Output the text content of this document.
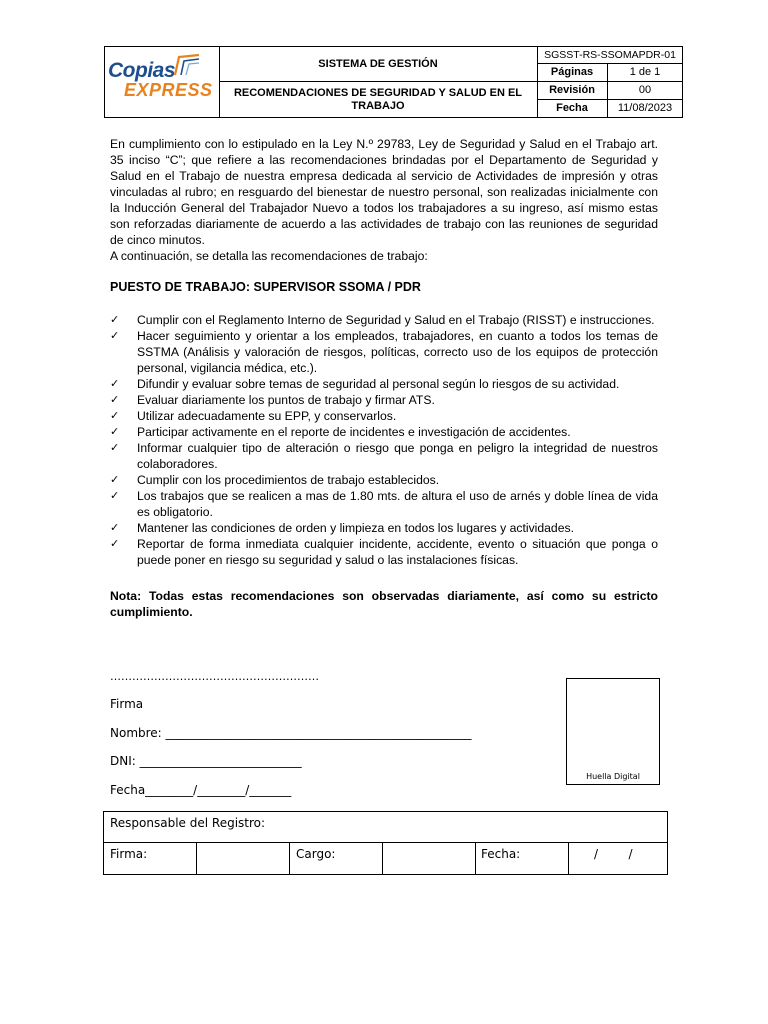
Copias
EXPRESS
SISTEMA DE GESTIÓN
RECOMENDACIONES DE SEGURIDAD Y SALUD EN EL TRABAJO
SGSST-RS-SSOMAPDR-01
Páginas	1 de 1
Revisión	00
Fecha	11/08/2023
En cumplimiento con lo estipulado en la Ley N.º 29783, Ley de Seguridad y Salud en el Trabajo art. 35 inciso “C”; que refiere a las recomendaciones brindadas por el Departamento de Seguridad y Salud en el Trabajo de nuestra empresa dedicada al servicio de Actividades de impresión y otras vinculadas al rubro; en resguardo del bienestar de nuestro personal, son realizadas inicialmente con la Inducción General del Trabajador Nuevo a todos los trabajadores a su ingreso, así mismo estas son reforzadas diariamente de acuerdo a las actividades de trabajo con las reuniones de seguridad de cinco minutos.
A continuación, se detalla las recomendaciones de trabajo:
PUESTO DE TRABAJO: SUPERVISOR SSOMA / PDR
✓ Cumplir con el Reglamento Interno de Seguridad y Salud en el Trabajo (RISST) e instrucciones.
✓ Hacer seguimiento y orientar a los empleados, trabajadores, en cuanto a todos los temas de SSTMA (Análisis y valoración de riesgos, políticas, correcto uso de los equipos de protección personal, vigilancia médica, etc.).
✓ Difundir y evaluar sobre temas de seguridad al personal según lo riesgos de su actividad.
✓ Evaluar diariamente los puntos de trabajo y firmar ATS.
✓ Utilizar adecuadamente su EPP, y conservarlos.
✓ Participar activamente en el reporte de incidentes e investigación de accidentes.
✓ Informar cualquier tipo de alteración o riesgo que ponga en peligro la integridad de nuestros colaboradores.
✓ Cumplir con los procedimientos de trabajo establecidos.
✓ Los trabajos que se realicen a mas de 1.80 mts. de altura el uso de arnés y doble línea de vida es obligatorio.
✓ Mantener las condiciones de orden y limpieza en todos los lugares y actividades.
✓ Reportar de forma inmediata cualquier incidente, accidente, evento o situación que ponga o puede poner en riesgo su seguridad y salud o las instalaciones físicas.
Nota: Todas estas recomendaciones son observadas diariamente, así como su estricto cumplimiento.
…………………………………………………
Firma
Nombre: ___________________________________________________
DNI: ___________________________
Fecha________/________/_______
Huella Digital
Responsable del Registro:
Firma:	Cargo:	Fecha:	/        /
